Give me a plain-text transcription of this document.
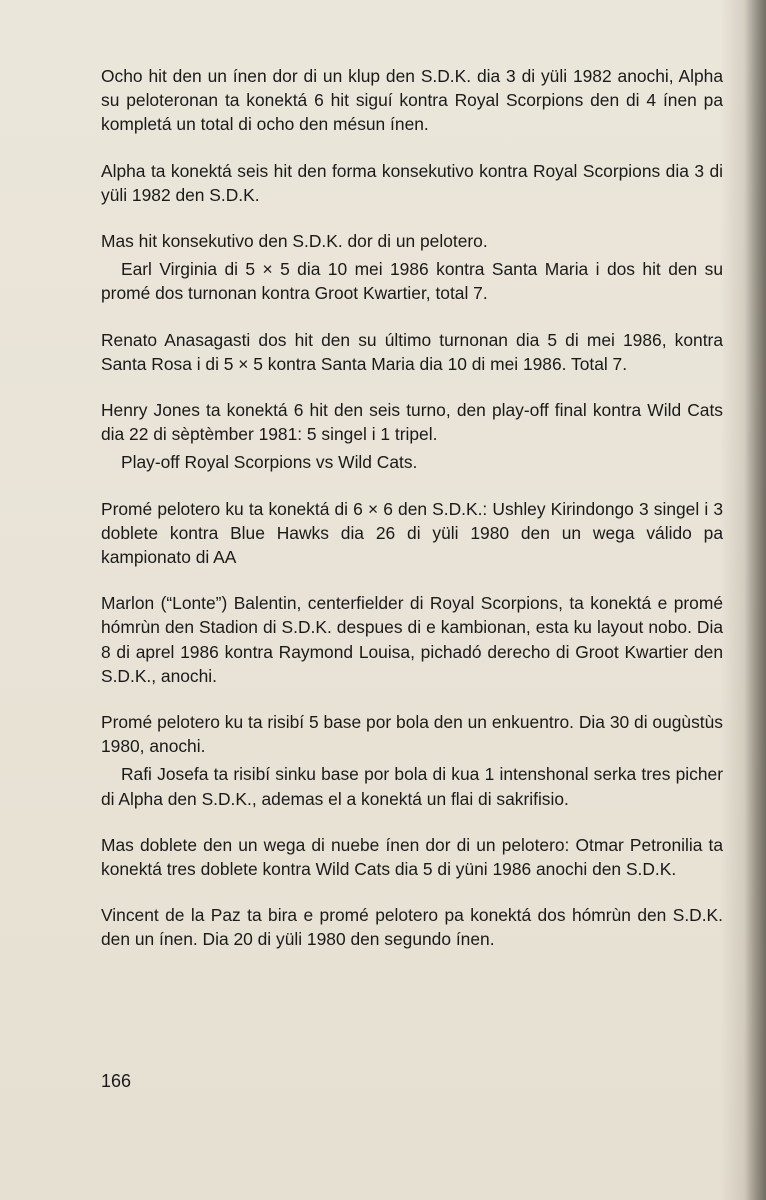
Ocho hit den un ínen dor di un klup den S.D.K. dia 3 di yüli 1982 anochi, Alpha su peloteronan ta konektá 6 hit siguí kontra Royal Scorpions den di 4 ínen pa kompletá un total di ocho den mésun ínen.

Alpha ta konektá seis hit den forma konsekutivo kontra Royal Scorpions dia 3 di yüli 1982 den S.D.K.

Mas hit konsekutivo den S.D.K. dor di un pelotero.

Earl Virginia di 5 × 5 dia 10 mei 1986 kontra Santa Maria i dos hit den su promé dos turnonan kontra Groot Kwartier, total 7.

Renato Anasagasti dos hit den su último turnonan dia 5 di mei 1986, kontra Santa Rosa i di 5 × 5 kontra Santa Maria dia 10 di mei 1986. Total 7.

Henry Jones ta konektá 6 hit den seis turno, den play-off final kontra Wild Cats dia 22 di sèptèmber 1981: 5 singel i 1 tripel.

Play-off Royal Scorpions vs Wild Cats.

Promé pelotero ku ta konektá di 6 × 6 den S.D.K.: Ushley Kirindongo 3 singel i 3 doblete kontra Blue Hawks dia 26 di yüli 1980 den un wega válido pa kampionato di AA

Marlon (“Lonte”) Balentin, centerfielder di Royal Scorpions, ta konektá e promé hómrùn den Stadion di S.D.K. despues di e kambionan, esta ku layout nobo. Dia 8 di aprel 1986 kontra Raymond Louisa, pichadó derecho di Groot Kwartier den S.D.K., anochi.

Promé pelotero ku ta risibí 5 base por bola den un enkuentro. Dia 30 di ougùstùs 1980, anochi.

Rafi Josefa ta risibí sinku base por bola di kua 1 intenshonal serka tres picher di Alpha den S.D.K., ademas el a konektá un flai di sakrifisio.

Mas doblete den un wega di nuebe ínen dor di un pelotero: Otmar Petronilia ta konektá tres doblete kontra Wild Cats dia 5 di yüni 1986 anochi den S.D.K.

Vincent de la Paz ta bira e promé pelotero pa konektá dos hómrùn den S.D.K. den un ínen. Dia 20 di yüli 1980 den segundo ínen.

166
